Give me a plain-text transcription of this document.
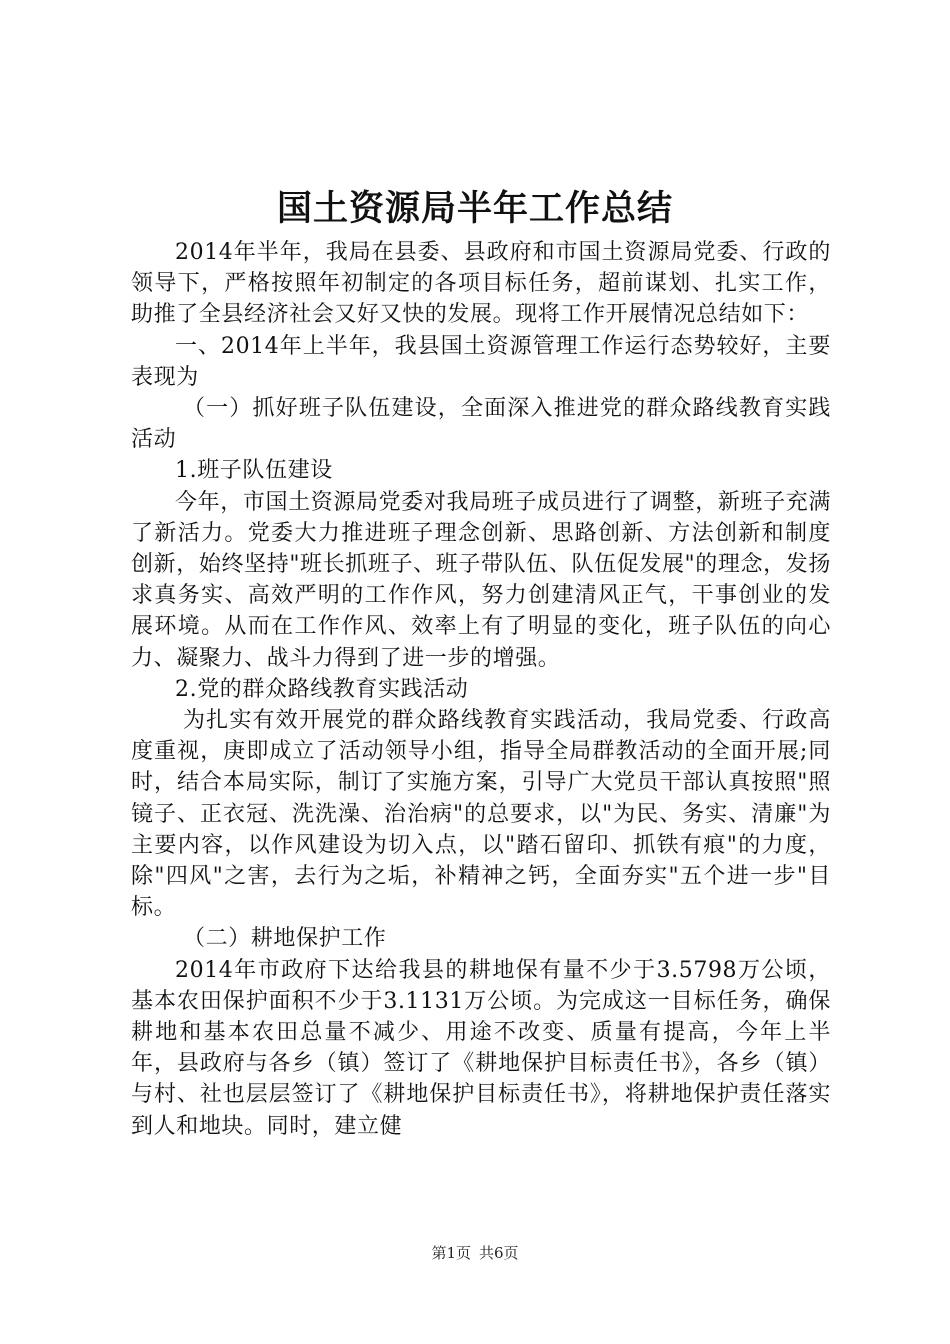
国土资源局半年工作总结

2014年半年，我局在县委、县政府和市国土资源局党委、行政的领导下，严格按照年初制定的各项目标任务，超前谋划、扎实工作，助推了全县经济社会又好又快的发展。现将工作开展情况总结如下：

一、2014年上半年，我县国土资源管理工作运行态势较好，主要表现为

（一）抓好班子队伍建设，全面深入推进党的群众路线教育实践活动

1.班子队伍建设

今年，市国土资源局党委对我局班子成员进行了调整，新班子充满了新活力。党委大力推进班子理念创新、思路创新、方法创新和制度创新，始终坚持"班长抓班子、班子带队伍、队伍促发展"的理念，发扬求真务实、高效严明的工作作风，努力创建清风正气，干事创业的发展环境。从而在工作作风、效率上有了明显的变化，班子队伍的向心力、凝聚力、战斗力得到了进一步的增强。

2.党的群众路线教育实践活动

为扎实有效开展党的群众路线教育实践活动，我局党委、行政高度重视，庚即成立了活动领导小组，指导全局群教活动的全面开展;同时，结合本局实际，制订了实施方案，引导广大党员干部认真按照"照镜子、正衣冠、洗洗澡、治治病"的总要求，以"为民、务实、清廉"为主要内容，以作风建设为切入点，以"踏石留印、抓铁有痕"的力度，除"四风"之害，去行为之垢，补精神之钙，全面夯实"五个进一步"目标。

（二）耕地保护工作

2014年市政府下达给我县的耕地保有量不少于3.5798万公顷，基本农田保护面积不少于3.1131万公顷。为完成这一目标任务，确保耕地和基本农田总量不减少、用途不改变、质量有提高，今年上半年，县政府与各乡（镇）签订了《耕地保护目标责任书》，各乡（镇）与村、社也层层签订了《耕地保护目标责任书》，将耕地保护责任落实到人和地块。同时，建立健

第1页 共6页
